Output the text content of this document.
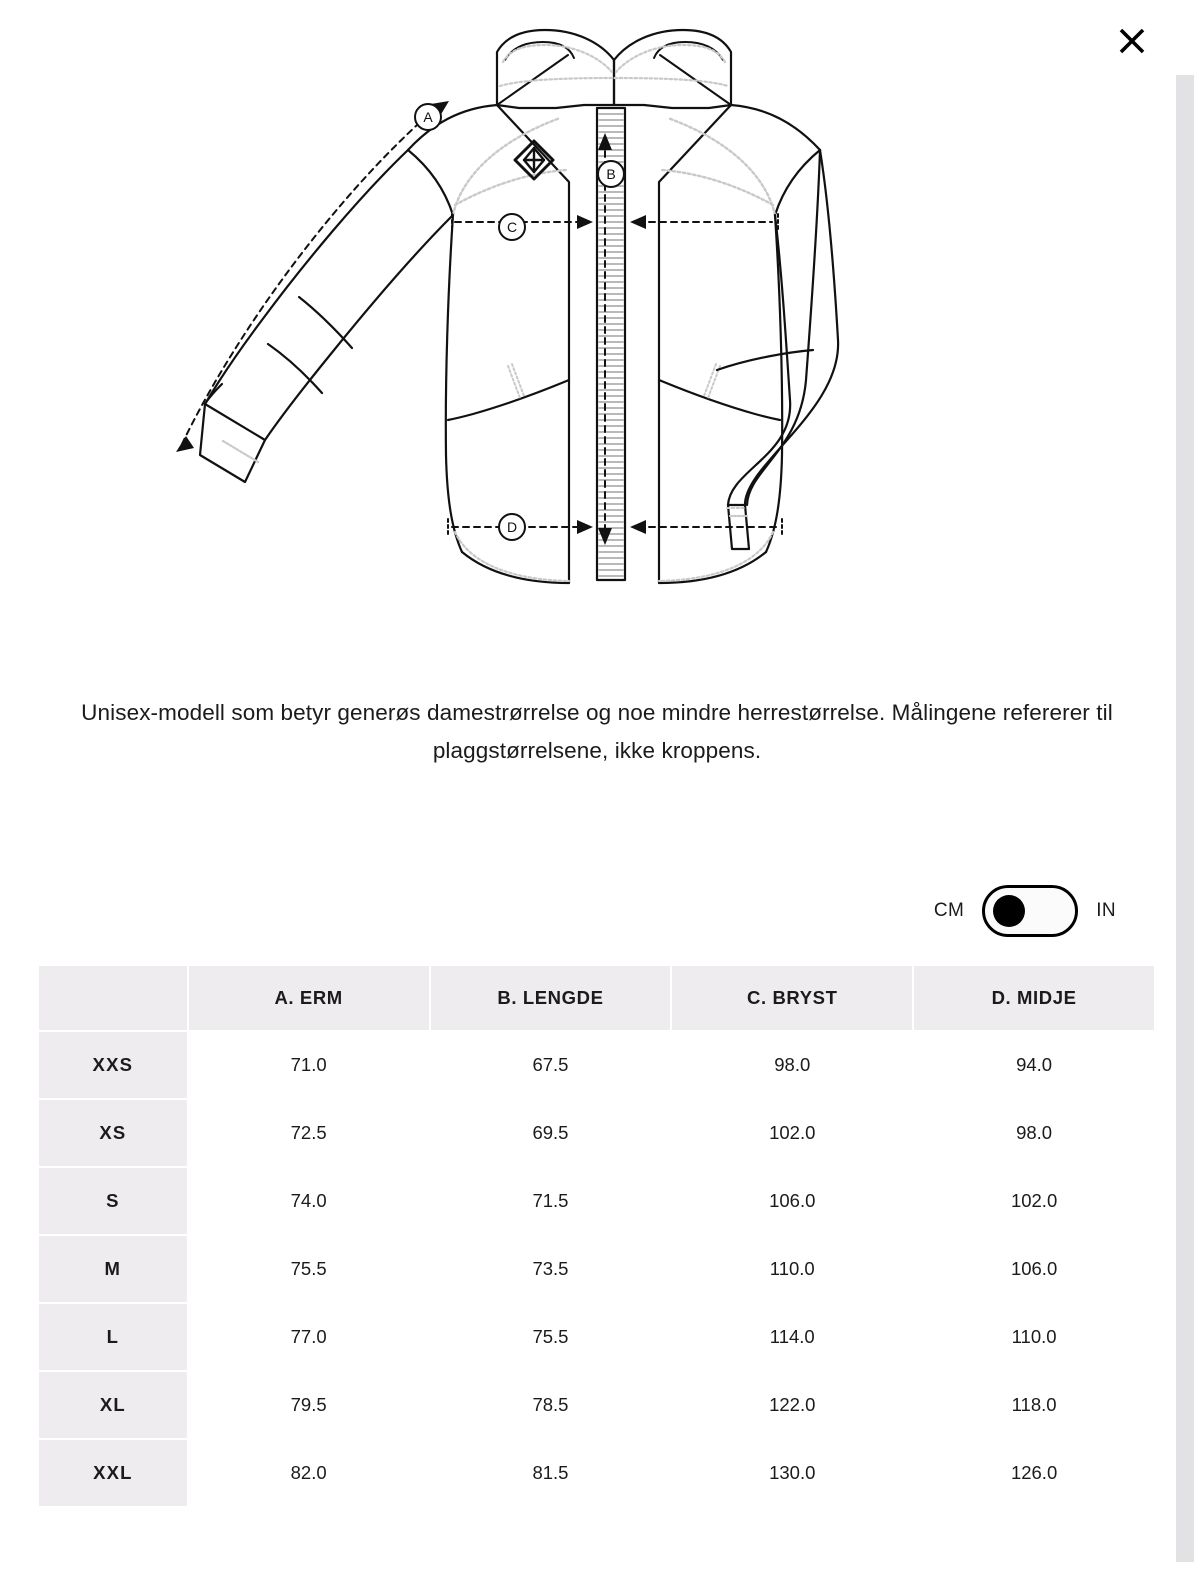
A
B
C
D

Unisex-modell som betyr generøs damestrørrelse og noe mindre herrestørrelse. Målingene refererer til plaggstørrelsene, ikke kroppens.

CM	IN
	A. ERM	B. LENGDE	C. BRYST	D. MIDJE
XXS	71.0	67.5	98.0	94.0
XS	72.5	69.5	102.0	98.0
S	74.0	71.5	106.0	102.0
M	75.5	73.5	110.0	106.0
L	77.0	75.5	114.0	110.0
XL	79.5	78.5	122.0	118.0
XXL	82.0	81.5	130.0	126.0
